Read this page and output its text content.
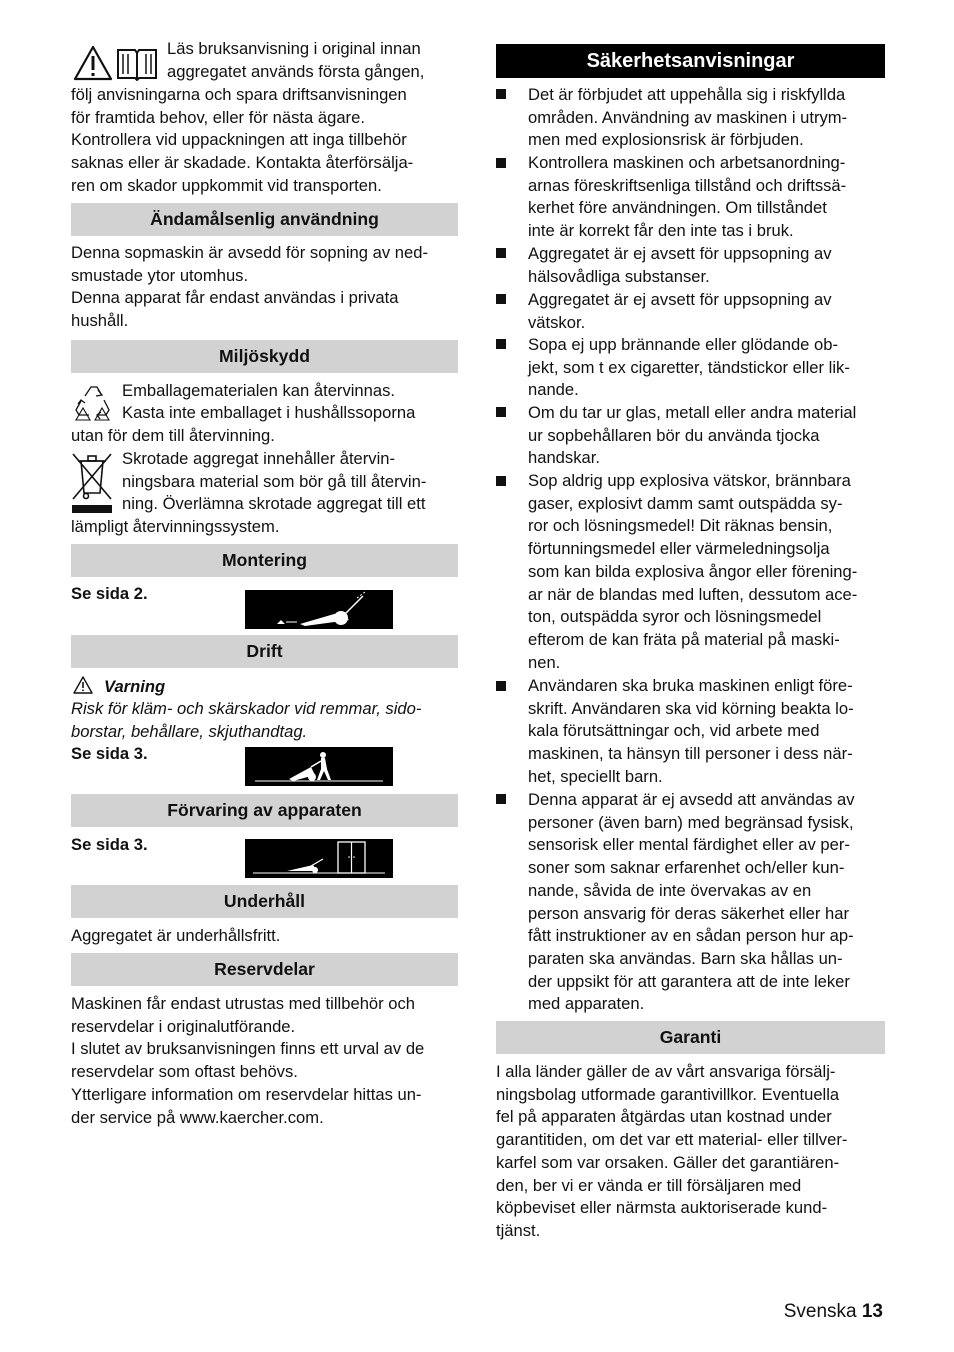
Läs bruksanvisning i original innan
aggregatet används första gången,

följ anvisningarna och spara driftsanvisningen
för framtida behov, eller för nästa ägare.
Kontrollera vid uppackningen att inga tillbehör
saknas eller är skadade. Kontakta återförsälja-
ren om skador uppkommit vid transporten.

Ändamålsenlig användning

Denna sopmaskin är avsedd för sopning av ned-
smustade ytor utomhus.
Denna apparat får endast användas i privata
hushåll.

Miljöskydd
Emballagematerialen kan återvinnas.
Kasta inte emballaget i hushållssoporna

utan för dem till återvinning.

Skrotade aggregat innehåller återvin-
ningsbara material som bör gå till återvin-
ning. Överlämna skrotade aggregat till ett

lämpligt återvinningssystem.

Montering
Se sida 2.
Drift
Varning

Risk för kläm- och skärskador vid remmar, sido-
borstar, behållare, skjuthandtag.

Se sida 3.
Förvaring av apparaten
Se sida 3.
Underhåll

Aggregatet är underhållsfritt.

Reservdelar

Maskinen får endast utrustas med tillbehör och
reservdelar i originalutförande.
I slutet av bruksanvisningen finns ett urval av de
reservdelar som oftast behövs.
Ytterligare information om reservdelar hittas un-
der service på www.kaercher.com.

Säkerhetsanvisningar

Det är förbjudet att uppehålla sig i riskfyllda
områden. Användning av maskinen i utrym-
men med explosionsrisk är förbjuden.

Kontrollera maskinen och arbetsanordning-
arnas föreskriftsenliga tillstånd och driftssä-
kerhet före användningen. Om tillståndet
inte är korrekt får den inte tas i bruk.

Aggregatet är ej avsett för uppsopning av
hälsovådliga substanser.

Aggregatet är ej avsett för uppsopning av
vätskor.

Sopa ej upp brännande eller glödande ob-
jekt, som t ex cigaretter, tändstickor eller lik-
nande.

Om du tar ur glas, metall eller andra material
ur sopbehållaren bör du använda tjocka
handskar.

Sop aldrig upp explosiva vätskor, brännbara
gaser, explosivt damm samt outspädda sy-
ror och lösningsmedel! Dit räknas bensin,
förtunningsmedel eller värmeledningsolja
som kan bilda explosiva ångor eller förening-
ar när de blandas med luften, dessutom ace-
ton, outspädda syror och lösningsmedel
efterom de kan fräta på material på maski-
nen.

Användaren ska bruka maskinen enligt före-
skrift. Användaren ska vid körning beakta lo-
kala förutsättningar och, vid arbete med
maskinen, ta hänsyn till personer i dess när-
het, speciellt barn.

Denna apparat är ej avsedd att användas av
personer (även barn) med begränsad fysisk,
sensorisk eller mental färdighet eller av per-
soner som saknar erfarenhet och/eller kun-
nande, såvida de inte övervakas av en
person ansvarig för deras säkerhet eller har
fått instruktioner av en sådan person hur ap-
paraten ska användas. Barn ska hållas un-
der uppsikt för att garantera att de inte leker
med apparaten.

Garanti

I alla länder gäller de av vårt ansvariga försälj-
ningsbolag utformade garantivillkor. Eventuella
fel på apparaten åtgärdas utan kostnad under
garantitiden, om det var ett material- eller tillver-
karfel som var orsaken. Gäller det garantiären-
den, ber vi er vända er till försäljaren med
köpbeviset eller närmsta auktoriserade kund-
tjänst.

Svenska 13
